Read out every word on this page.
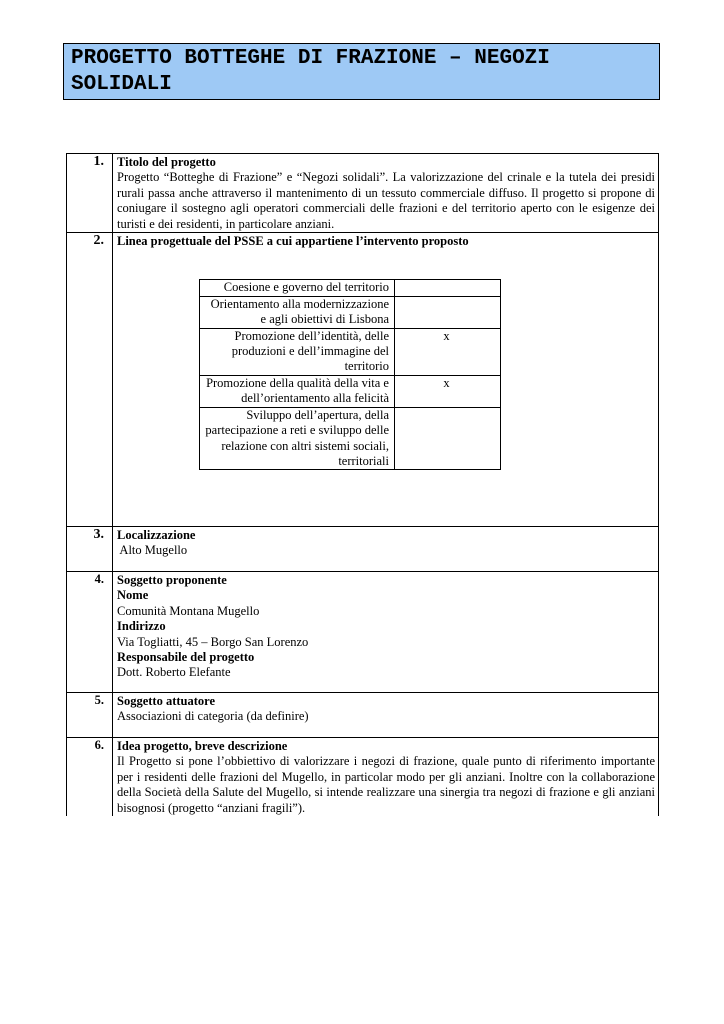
PROGETTO BOTTEGHE DI FRAZIONE – NEGOZI
SOLIDALI
1.	Titolo del progetto
Progetto “Botteghe di Frazione” e “Negozi solidali”. La valorizzazione del crinale e la tutela dei presidi rurali passa anche attraverso il mantenimento di un tessuto commerciale diffuso. Il progetto si propone di coniugare il sostegno agli operatori commerciali delle frazioni e del territorio aperto con le esigenze dei turisti e dei residenti, in particolare anziani.

2.	Linea progettuale del PSSE a cui appartiene l’intervento proposto
Coesione e governo del territorio	
Orientamento alla modernizzazione e agli obiettivi di Lisbona	
Promozione dell’identità, delle produzioni e dell’immagine del territorio	x
Promozione della qualità della vita e dell’orientamento alla felicità	x
Sviluppo dell’apertura, della partecipazione a reti e sviluppo delle relazione con altri sistemi sociali, territoriali	

3.	Localizzazione
Alto Mugello

4.	Soggetto proponente
Nome
Comunità Montana Mugello
Indirizzo
Via Togliatti, 45 – Borgo San Lorenzo
Responsabile del progetto
Dott. Roberto Elefante

5.	Soggetto attuatore
Associazioni di categoria (da definire)

6.	Idea progetto, breve descrizione
Il Progetto si pone l’obbiettivo di valorizzare i negozi di frazione, quale punto di riferimento importante per i residenti delle frazioni del Mugello, in particolar modo per gli anziani. Inoltre con la collaborazione della Società della Salute del Mugello, si intende realizzare una sinergia tra negozi di frazione e gli anziani bisognosi (progetto “anziani fragili”).
